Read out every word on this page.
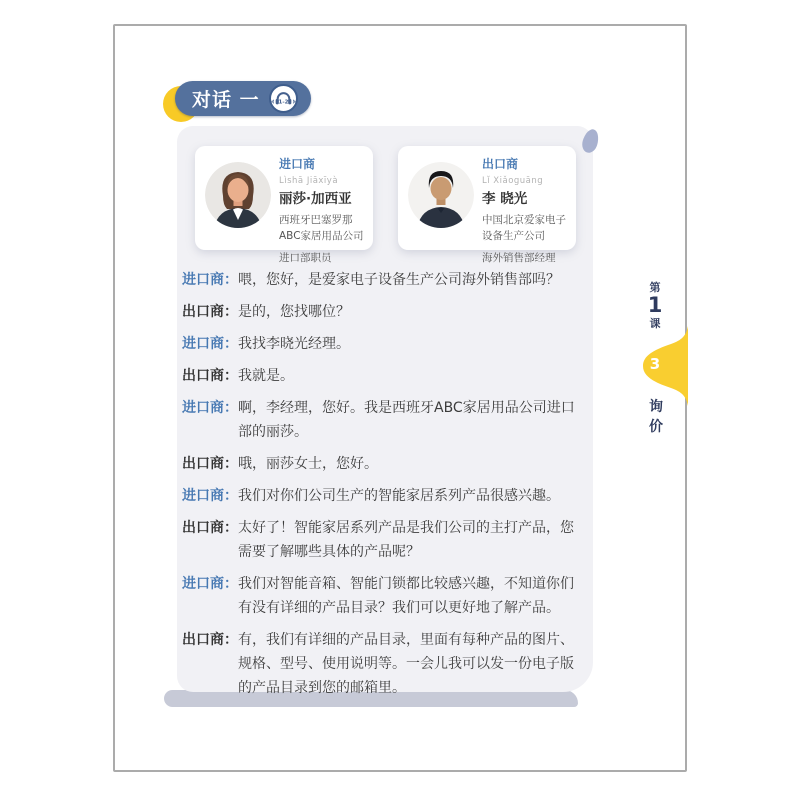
对话 一	1-2
进口商
Lìshā Jiāxīyà
丽莎·加西亚
西班牙巴塞罗那ABC家居用品公司
进口部职员
出口商
Lǐ Xiǎoguāng
李 晓光
中国北京爱家电子设备生产公司
海外销售部经理
进口商： 喂，您好，是爱家电子设备生产公司海外销售部吗？
出口商： 是的，您找哪位？
进口商： 我找李晓光经理。
出口商： 我就是。
进口商： 啊，李经理，您好。我是西班牙ABC家居用品公司进口部的丽莎。
出口商： 哦，丽莎女士，您好。
进口商： 我们对你们公司生产的智能家居系列产品很感兴趣。
出口商： 太好了！智能家居系列产品是我们公司的主打产品，您需要了解哪些具体的产品呢？
进口商： 我们对智能音箱、智能门锁都比较感兴趣，不知道你们有没有详细的产品目录？我们可以更好地了解产品。
出口商： 有，我们有详细的产品目录，里面有每种产品的图片、规格、型号、使用说明等。一会儿我可以发一份电子版的产品目录到您的邮箱里。
第
1
课
3
询价
